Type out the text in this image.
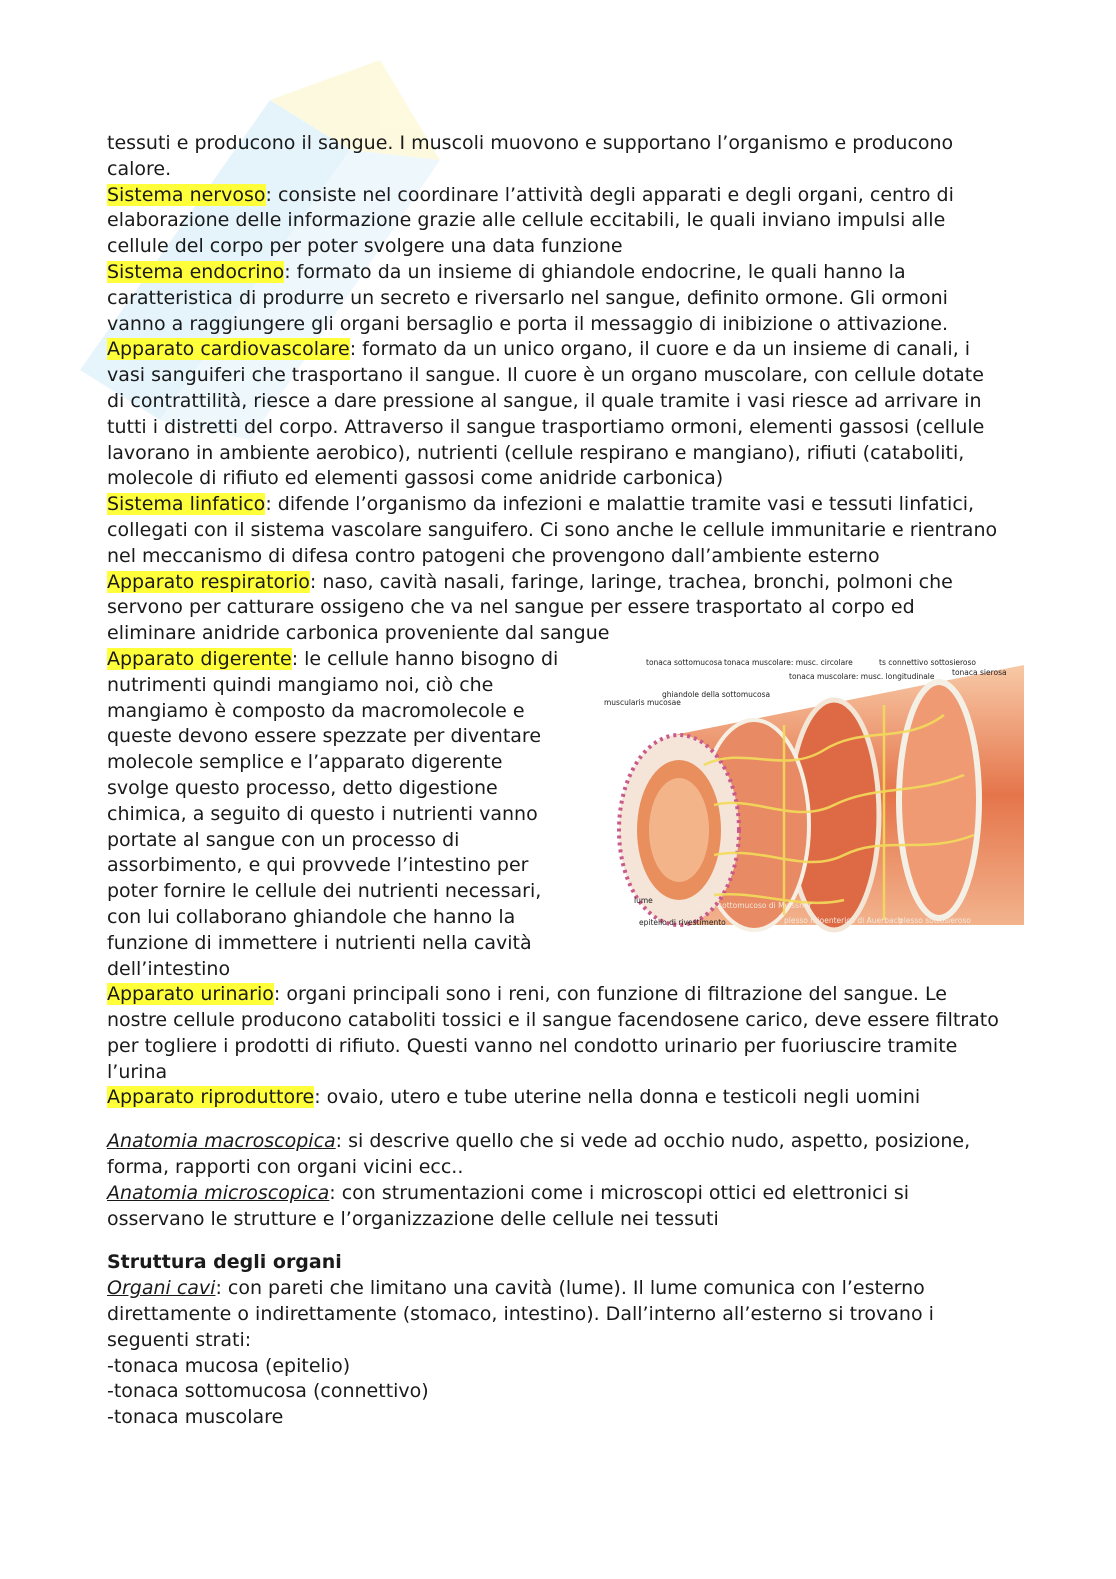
tessuti e producono il sangue. I muscoli muovono e supportano l’organismo e producono calore.

Sistema nervoso: consiste nel coordinare l’attività degli apparati e degli organi, centro di elaborazione delle informazione grazie alle cellule eccitabili, le quali inviano impulsi alle cellule del corpo per poter svolgere una data funzione

Sistema endocrino: formato da un insieme di ghiandole endocrine, le quali hanno la caratteristica di produrre un secreto e riversarlo nel sangue, definito ormone. Gli ormoni vanno a raggiungere gli organi bersaglio e porta il messaggio di inibizione o attivazione.

Apparato cardiovascolare: formato da un unico organo, il cuore e da un insieme di canali, i vasi sanguiferi che trasportano il sangue. Il cuore è un organo muscolare, con cellule dotate di contrattilità, riesce a dare pressione al sangue, il quale tramite i vasi riesce ad arrivare in tutti i distretti del corpo. Attraverso il sangue trasportiamo ormoni, elementi gassosi (cellule lavorano in ambiente aerobico), nutrienti (cellule respirano e mangiano), rifiuti (cataboliti, molecole di rifiuto ed elementi gassosi come anidride carbonica)

Sistema linfatico: difende l’organismo da infezioni e malattie tramite vasi e tessuti linfatici, collegati con il sistema vascolare sanguifero. Ci sono anche le cellule immunitarie e rientrano nel meccanismo di difesa contro patogeni che provengono dall’ambiente esterno

Apparato respiratorio: naso, cavità nasali, faringe, laringe, trachea, bronchi, polmoni che servono per catturare ossigeno che va nel sangue per essere trasportato al corpo ed eliminare anidride carbonica proveniente dal sangue

tonaca sottomucosa tonaca muscolare: musc. circolare
tonaca muscolare: musc. longitudinale
ts connettivo sottosieroso
tonaca sierosa
muscularis mucosae
ghiandole della sottomucosa
lume
epitelio di rivestimento
plesso sottomucoso di Meissner
plesso mioenterico di Auerbach
plesso sottosieroso
Apparato digerente: le cellule hanno bisogno di nutrimenti quindi mangiamo noi, ciò che mangiamo è composto da macromolecole e queste devono essere spezzate per diventare molecole semplice e l’apparato digerente svolge questo processo, detto digestione chimica, a seguito di questo i nutrienti vanno portate al sangue con un processo di assorbimento, e qui provvede l’intestino per poter fornire le cellule dei nutrienti necessari, con lui collaborano ghiandole che hanno la funzione di immettere i nutrienti nella cavità dell’intestino

Apparato urinario: organi principali sono i reni, con funzione di filtrazione del sangue. Le nostre cellule producono cataboliti tossici e il sangue facendosene carico, deve essere filtrato per togliere i prodotti di rifiuto. Questi vanno nel condotto urinario per fuoriuscire tramite l’urina

Apparato riproduttore: ovaio, utero e tube uterine nella donna e testicoli negli uomini

Anatomia macroscopica: si descrive quello che si vede ad occhio nudo, aspetto, posizione, forma, rapporti con organi vicini ecc..

Anatomia microscopica: con strumentazioni come i microscopi ottici ed elettronici si osservano le strutture e l’organizzazione delle cellule nei tessuti

Struttura degli organi

Organi cavi: con pareti che limitano una cavità (lume). Il lume comunica con l’esterno direttamente o indirettamente (stomaco, intestino). Dall’interno all’esterno si trovano i seguenti strati:

-tonaca mucosa (epitelio)

-tonaca sottomucosa (connettivo)

-tonaca muscolare
